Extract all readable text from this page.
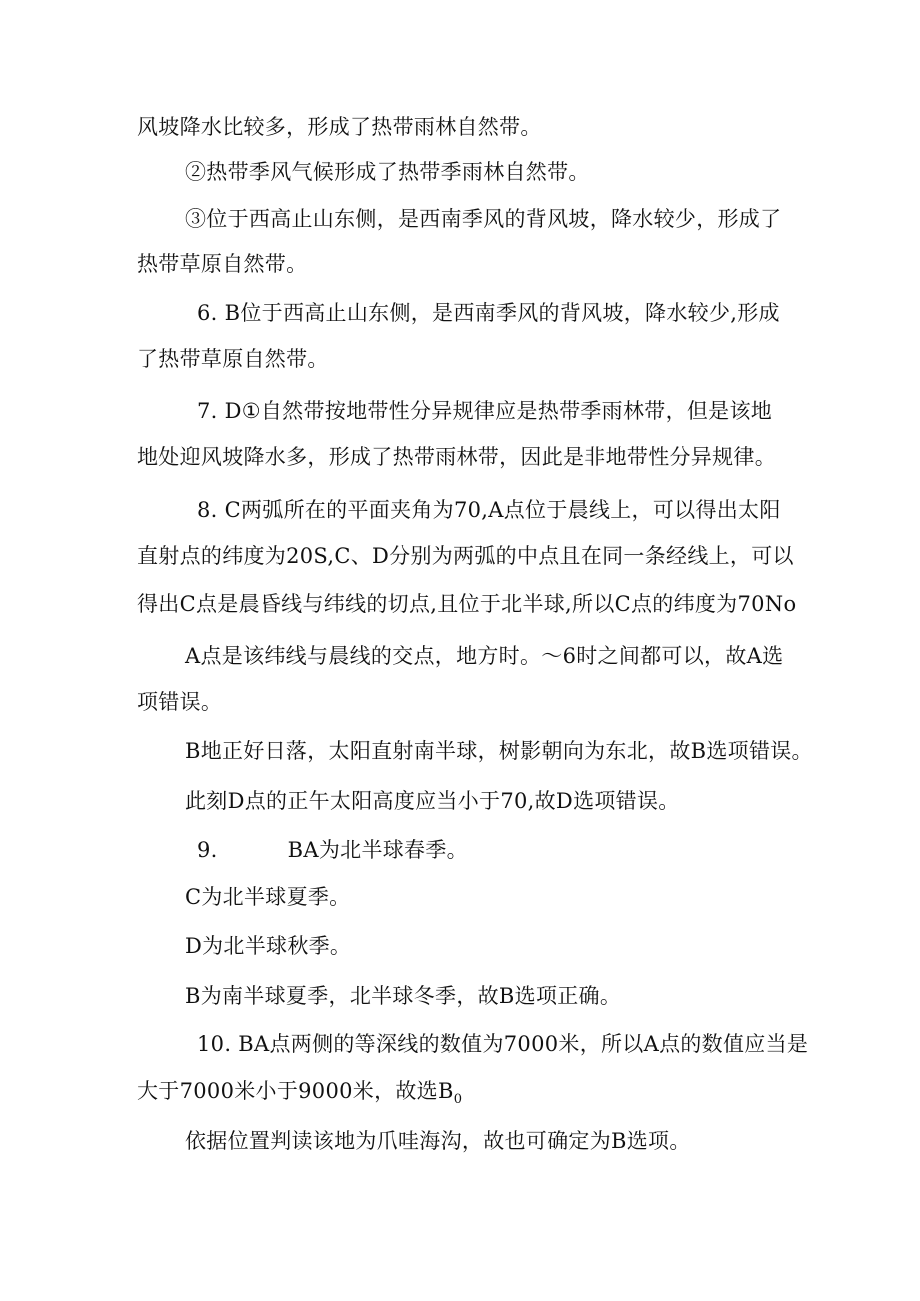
风坡降水比较多，形成了热带雨林自然带。
②热带季风气候形成了热带季雨林自然带。
③位于西高止山东侧，是西南季风的背风坡，降水较少，形成了
热带草原自然带。
6. B位于西高止山东侧，是西南季风的背风坡，降水较少,形成
了热带草原自然带。
7. D①自然带按地带性分异规律应是热带季雨林带，但是该地
地处迎风坡降水多，形成了热带雨林带，因此是非地带性分异规律。
8. C两弧所在的平面夹角为70,A点位于晨线上，可以得出太阳
直射点的纬度为20S,C、D分别为两弧的中点且在同一条经线上，可以
得出C点是晨昏线与纬线的切点,且位于北半球,所以C点的纬度为70No
A点是该纬线与晨线的交点，地方时。～6时之间都可以，故A选
项错误。
B地正好日落，太阳直射南半球，树影朝向为东北，故B选项错误。
此刻D点的正午太阳高度应当小于70,故D选项错误。
9.	BA为北半球春季。
C为北半球夏季。
D为北半球秋季。
B为南半球夏季，北半球冬季，故B选项正确。
10. BA点两侧的等深线的数值为7000米，所以A点的数值应当是
大于7000米小于9000米，故选$B_0$
依据位置判读该地为爪哇海沟，故也可确定为B选项。
